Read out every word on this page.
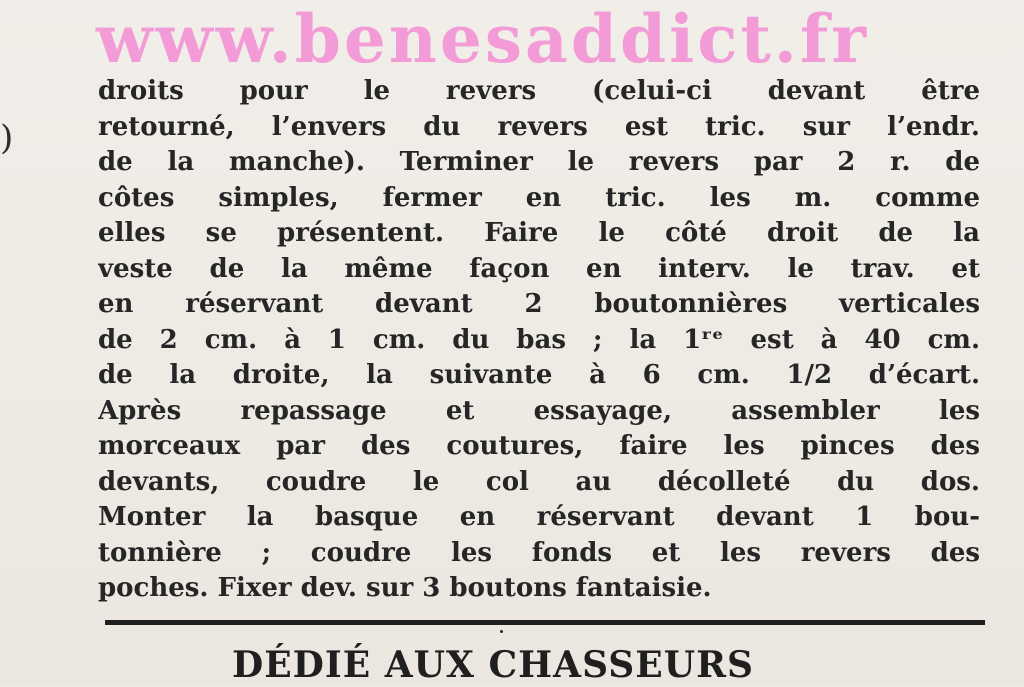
www.benesaddict.fr
)
droits pour le revers (celui-ci devant être
retourné, l’envers du revers est tric. sur l’endr.
de la manche). Terminer le revers par 2 r. de
côtes simples, fermer en tric. les m. comme
elles se présentent. Faire le côté droit de la
veste de la même façon en interv. le trav. et
en réservant devant 2 boutonnières verticales
de 2 cm. à 1 cm. du bas ; la 1ʳᵉ est à 40 cm.
de la droite, la suivante à 6 cm. 1/2 d’écart.
Après repassage et essayage, assembler les
morceaux par des coutures, faire les pinces des
devants, coudre le col au décolleté du dos.
Monter la basque en réservant devant 1 bou-
tonnière ; coudre les fonds et les revers des
poches. Fixer dev. sur 3 boutons fantaisie.
DÉDIÉ AUX CHASSEURS
